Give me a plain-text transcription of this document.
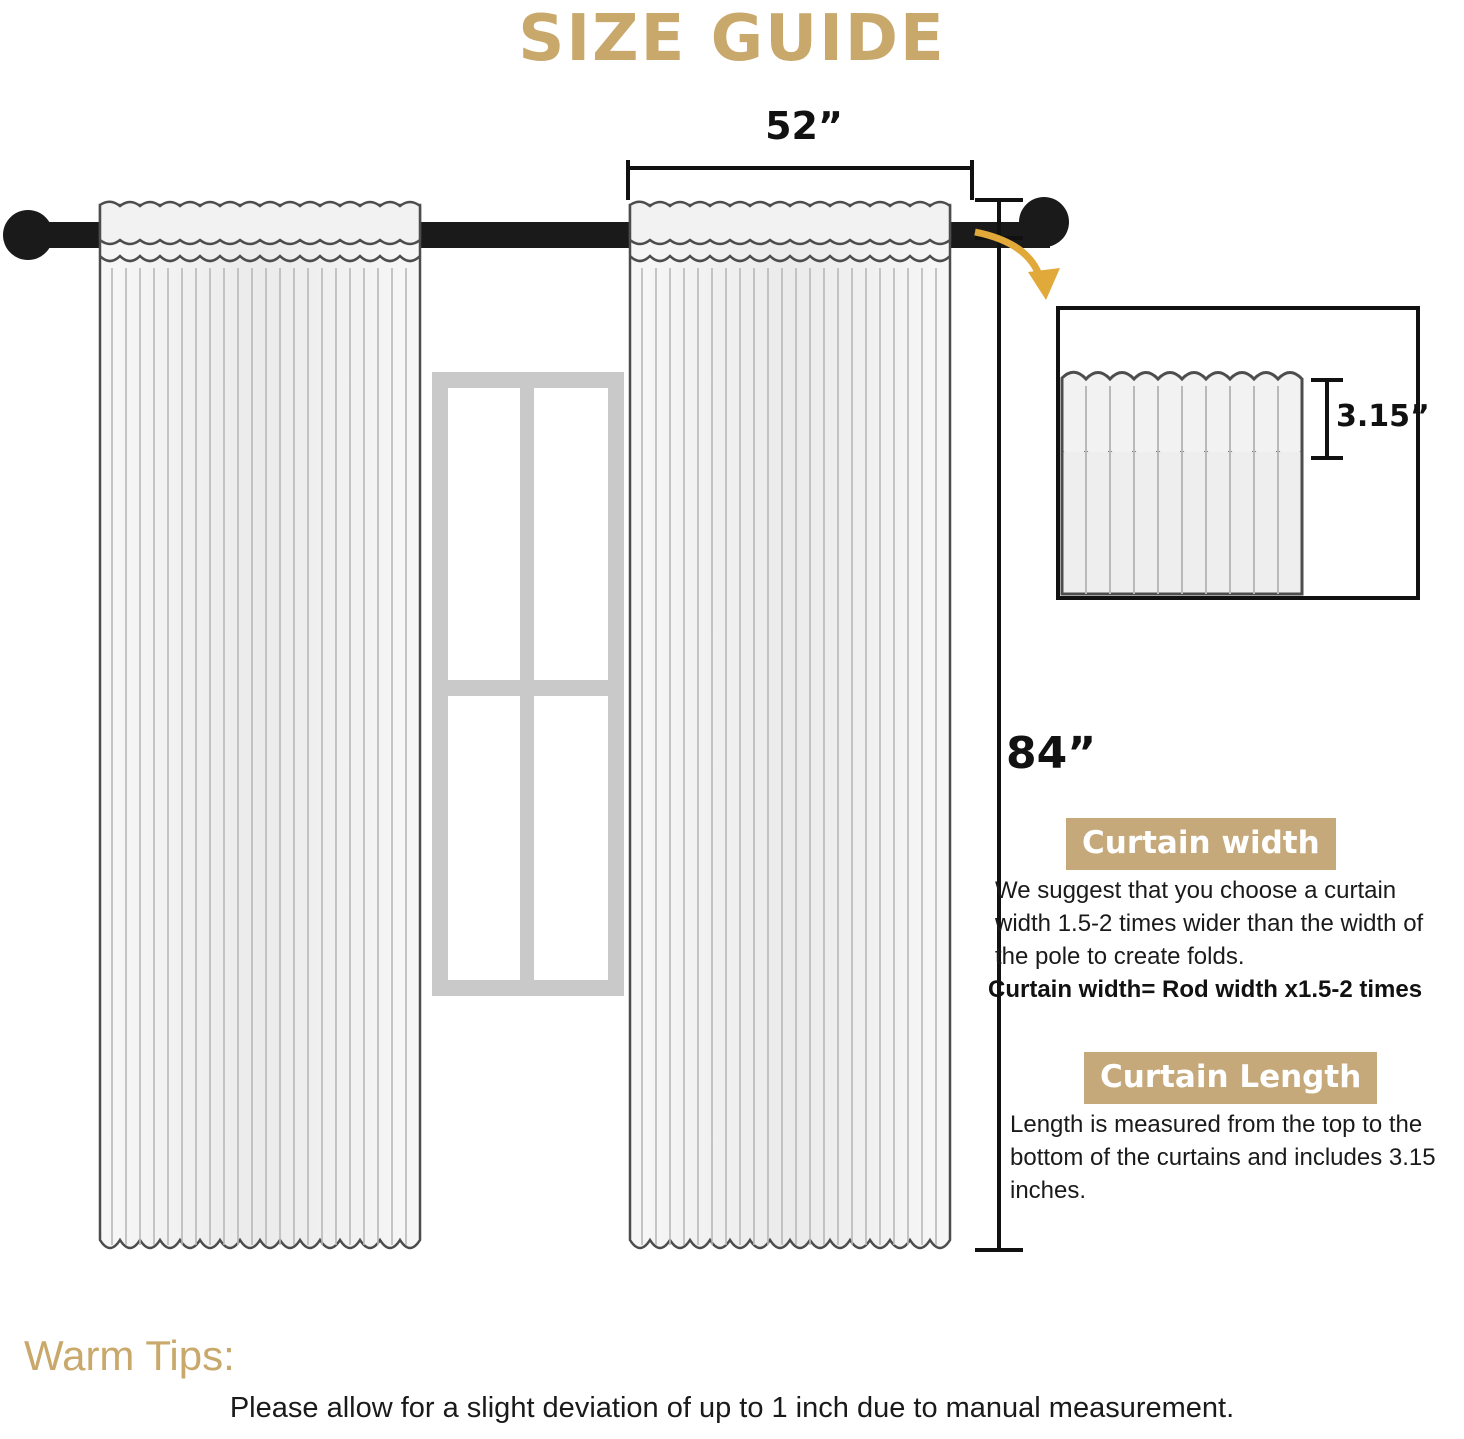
SIZE GUIDE
52”
84”
3.15”
Curtain width
We suggest that you choose a curtain width 1.5-2 times wider than the width of the pole to create folds.
Curtain width= Rod width x1.5-2 times
Curtain Length
Length is measured from the top to the bottom of the curtains and includes 3.15 inches.
Warm Tips:
Please allow for a slight deviation of up to 1 inch due to manual measurement.
